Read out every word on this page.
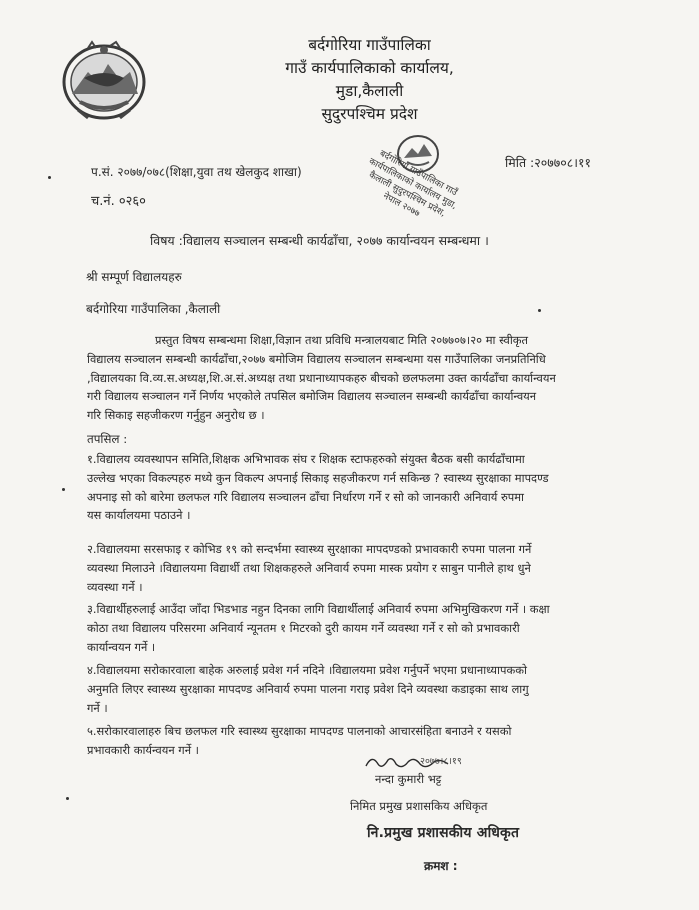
बर्दगोरिया गाउँपालिका
गाउँ कार्यपालिकाको कार्यालय,
मुडा,कैलाली
सुदुरपश्चिम प्रदेश
प.सं. २०७७/०७८(शिक्षा,युवा तथ खेलकुद शाखा)
च.नं. ०२६०
मिति :२०७७०८।११
बर्दगोरिया गाउँपालिका गाउँ कार्यपालिकाको कार्यालय मुडा, कैलाली सुदुरपश्चिम प्रदेश, नेपाल २०७७
विषय :विद्यालय सञ्चालन सम्बन्धी कार्यढाँचा, २०७७ कार्यान्वयन सम्बन्धमा ।
श्री सम्पूर्ण विद्यालयहरु
बर्दगोरिया गाउँपालिका ,कैलाली
प्रस्तुत विषय सम्बन्धमा शिक्षा,विज्ञान तथा प्रविधि मन्त्रालयबाट मिति २०७७०७।२० मा स्वीकृत
विद्यालय सञ्चालन सम्बन्धी कार्यढाँचा,२०७७ बमोजिम विद्यालय सञ्चालन सम्बन्धमा यस गाउँपालिका जनप्रतिनिधि
,विद्यालयका वि.व्य.स.अध्यक्ष,शि.अ.सं.अध्यक्ष तथा प्रधानाध्यापकहरु बीचको छलफलमा उक्त कार्यढाँचा कार्यान्वयन
गरी विद्यालय सञ्चालन गर्ने निर्णय भएकोले तपसिल बमोजिम विद्यालय सञ्चालन सम्बन्धी कार्यढाँचा कार्यान्वयन
गरि सिकाइ सहजीकरण गर्नुहुन अनुरोध छ ।
तपसिल :
१.विद्यालय व्यवस्थापन समिति,शिक्षक अभिभावक संघ र शिक्षक स्टाफहरुको संयुक्त बैठक बसी कार्यढाँचामा
उल्लेख भएका विकल्पहरु मध्ये कुन विकल्प अपनाई सिकाइ सहजीकरण गर्न सकिन्छ ? स्वास्थ्य सुरक्षाका मापदण्ड
अपनाइ सो को बारेमा छलफल गरि विद्यालय सञ्चालन ढाँचा निर्धारण गर्ने र सो को जानकारी अनिवार्य रुपमा
यस कार्यालयमा पठाउने ।
२.विद्यालयमा सरसफाइ र कोभिड १९ को सन्दर्भमा स्वास्थ्य सुरक्षाका मापदण्डको प्रभावकारी रुपमा पालना गर्ने
व्यवस्था मिलाउने ।विद्यालयमा विद्यार्थी तथा शिक्षकहरुले अनिवार्य रुपमा मास्क प्रयोग र साबुन पानीले हाथ धुने
व्यवस्था गर्ने ।
३.विद्यार्थीहरुलाई आउँदा जाँदा भिडभाड नहुन दिनका लागि विद्यार्थीलाई अनिवार्य रुपमा अभिमुखिकरण गर्ने । कक्षा
कोठा तथा विद्यालय परिसरमा अनिवार्य न्यूनतम १ मिटरको दुरी कायम गर्ने व्यवस्था गर्ने र सो को प्रभावकारी
कार्यान्वयन गर्ने ।
४.विद्यालयमा सरोकारवाला बाहेक अरुलाई प्रवेश गर्न नदिने ।विद्यालयमा प्रवेश गर्नुपर्ने भएमा प्रधानाध्यापकको
अनुमति लिएर स्वास्थ्य सुरक्षाका मापदण्ड अनिवार्य रुपमा पालना गराइ प्रवेश दिने व्यवस्था कडाइका साथ लागु
गर्ने ।
५.सरोकारवालाहरु बिच छलफल गरि स्वास्थ्य सुरक्षाका मापदण्ड पालनाको आचारसंहिता बनाउने र यसको
प्रभावकारी कार्यन्वयन गर्ने ।
२०७७।८।१९
नन्दा कुमारी भट्ट
निमित प्रमुख प्रशासकिय अधिकृत
नि.प्रमुख प्रशासकीय अधिकृत
क्रमश :
